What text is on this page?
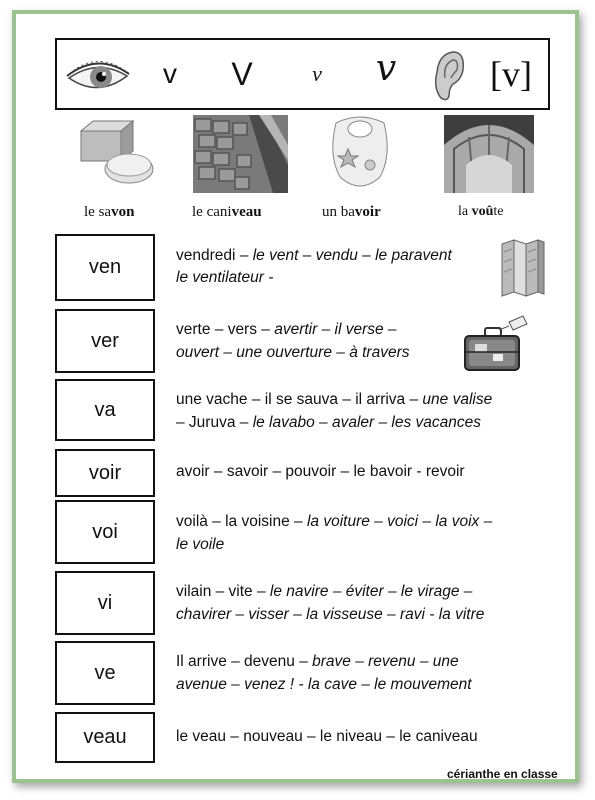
v V	v v	[v]
le savon	le caniveau	un bavoir	la voûte
ven
vendredi – le vent – vendu – le paravent
le ventilateur -
ver	verte – vers – avertir – il verse –
ouvert – une ouverture – à travers
va	une vache – il se sauva – il arriva – une valise
– Juruva – le lavabo – avaler – les vacances
voir	avoir – savoir – pouvoir – le bavoir - revoir
voi	voilà – la voisine – la voiture – voici – la voix –
le voile
vi	vilain – vite – le navire – éviter – le virage –
chavirer – visser – la visseuse – ravi - la vitre
ve	Il arrive – devenu – brave – revenu – une
avenue – venez ! - la cave – le mouvement
veau	le veau – nouveau – le niveau – le caniveau
cérianthe en classe
